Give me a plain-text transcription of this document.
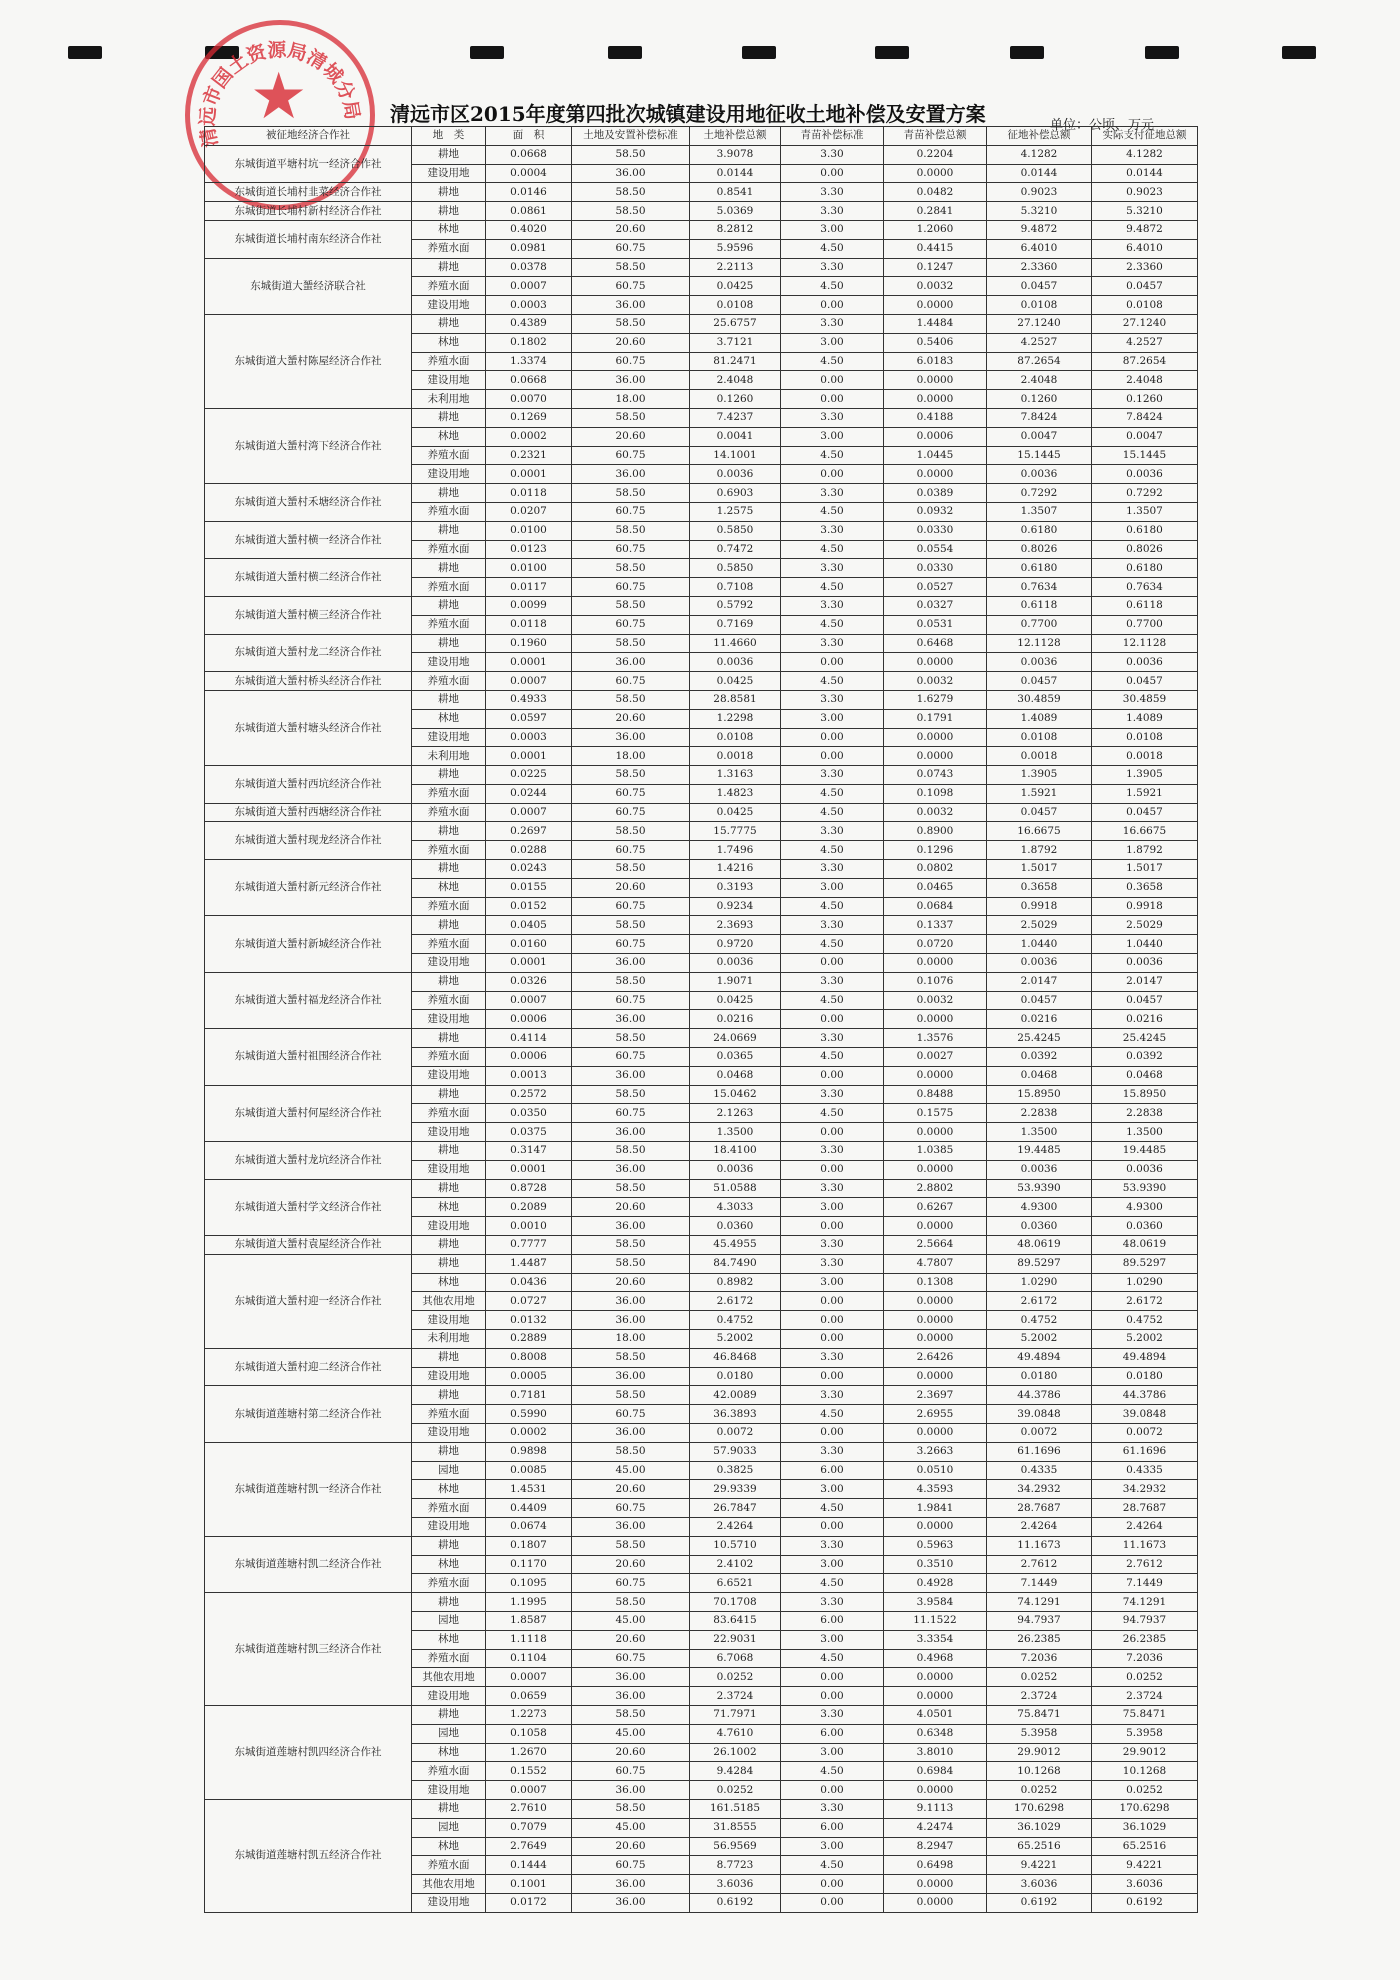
清远市国土资源局清城分局
★	清远市区2015年度第四批次城镇建设用地征收土地补偿及安置方案	单位：公顷、万元
被征地经济合作社	地　类	面　积	土地及安置补偿标准	土地补偿总额	青苗补偿标准	青苗补偿总额	征地补偿总额	实际支付征地总额
东城街道平塘村坑一经济合作社	耕地	0.0668	58.50	3.9078	3.30	0.2204	4.1282	4.1282
	建设用地	0.0004	36.00	0.0144	0.00	0.0000	0.0144	0.0144
东城街道长埔村韭菜经济合作社	耕地	0.0146	58.50	0.8541	3.30	0.0482	0.9023	0.9023
东城街道长埔村新村经济合作社	耕地	0.0861	58.50	5.0369	3.30	0.2841	5.3210	5.3210
东城街道长埔村南东经济合作社	林地	0.4020	20.60	8.2812	3.00	1.2060	9.4872	9.4872
	养殖水面	0.0981	60.75	5.9596	4.50	0.4415	6.4010	6.4010
东城街道大蜑经济联合社	耕地	0.0378	58.50	2.2113	3.30	0.1247	2.3360	2.3360
	养殖水面	0.0007	60.75	0.0425	4.50	0.0032	0.0457	0.0457
	建设用地	0.0003	36.00	0.0108	0.00	0.0000	0.0108	0.0108
东城街道大蜑村陈屋经济合作社	耕地	0.4389	58.50	25.6757	3.30	1.4484	27.1240	27.1240
	林地	0.1802	20.60	3.7121	3.00	0.5406	4.2527	4.2527
	养殖水面	1.3374	60.75	81.2471	4.50	6.0183	87.2654	87.2654
	建设用地	0.0668	36.00	2.4048	0.00	0.0000	2.4048	2.4048
	未利用地	0.0070	18.00	0.1260	0.00	0.0000	0.1260	0.1260
东城街道大蜑村湾下经济合作社	耕地	0.1269	58.50	7.4237	3.30	0.4188	7.8424	7.8424
	林地	0.0002	20.60	0.0041	3.00	0.0006	0.0047	0.0047
	养殖水面	0.2321	60.75	14.1001	4.50	1.0445	15.1445	15.1445
	建设用地	0.0001	36.00	0.0036	0.00	0.0000	0.0036	0.0036
东城街道大蜑村禾塘经济合作社	耕地	0.0118	58.50	0.6903	3.30	0.0389	0.7292	0.7292
	养殖水面	0.0207	60.75	1.2575	4.50	0.0932	1.3507	1.3507
东城街道大蜑村横一经济合作社	耕地	0.0100	58.50	0.5850	3.30	0.0330	0.6180	0.6180
	养殖水面	0.0123	60.75	0.7472	4.50	0.0554	0.8026	0.8026
东城街道大蜑村横二经济合作社	耕地	0.0100	58.50	0.5850	3.30	0.0330	0.6180	0.6180
	养殖水面	0.0117	60.75	0.7108	4.50	0.0527	0.7634	0.7634
东城街道大蜑村横三经济合作社	耕地	0.0099	58.50	0.5792	3.30	0.0327	0.6118	0.6118
	养殖水面	0.0118	60.75	0.7169	4.50	0.0531	0.7700	0.7700
东城街道大蜑村龙二经济合作社	耕地	0.1960	58.50	11.4660	3.30	0.6468	12.1128	12.1128
	建设用地	0.0001	36.00	0.0036	0.00	0.0000	0.0036	0.0036
东城街道大蜑村桥头经济合作社	养殖水面	0.0007	60.75	0.0425	4.50	0.0032	0.0457	0.0457
东城街道大蜑村塘头经济合作社	耕地	0.4933	58.50	28.8581	3.30	1.6279	30.4859	30.4859
	林地	0.0597	20.60	1.2298	3.00	0.1791	1.4089	1.4089
	建设用地	0.0003	36.00	0.0108	0.00	0.0000	0.0108	0.0108
	未利用地	0.0001	18.00	0.0018	0.00	0.0000	0.0018	0.0018
东城街道大蜑村西坑经济合作社	耕地	0.0225	58.50	1.3163	3.30	0.0743	1.3905	1.3905
	养殖水面	0.0244	60.75	1.4823	4.50	0.1098	1.5921	1.5921
东城街道大蜑村西塘经济合作社	养殖水面	0.0007	60.75	0.0425	4.50	0.0032	0.0457	0.0457
东城街道大蜑村现龙经济合作社	耕地	0.2697	58.50	15.7775	3.30	0.8900	16.6675	16.6675
	养殖水面	0.0288	60.75	1.7496	4.50	0.1296	1.8792	1.8792
东城街道大蜑村新元经济合作社	耕地	0.0243	58.50	1.4216	3.30	0.0802	1.5017	1.5017
	林地	0.0155	20.60	0.3193	3.00	0.0465	0.3658	0.3658
	养殖水面	0.0152	60.75	0.9234	4.50	0.0684	0.9918	0.9918
东城街道大蜑村新城经济合作社	耕地	0.0405	58.50	2.3693	3.30	0.1337	2.5029	2.5029
	养殖水面	0.0160	60.75	0.9720	4.50	0.0720	1.0440	1.0440
	建设用地	0.0001	36.00	0.0036	0.00	0.0000	0.0036	0.0036
东城街道大蜑村福龙经济合作社	耕地	0.0326	58.50	1.9071	3.30	0.1076	2.0147	2.0147
	养殖水面	0.0007	60.75	0.0425	4.50	0.0032	0.0457	0.0457
	建设用地	0.0006	36.00	0.0216	0.00	0.0000	0.0216	0.0216
东城街道大蜑村祖围经济合作社	耕地	0.4114	58.50	24.0669	3.30	1.3576	25.4245	25.4245
	养殖水面	0.0006	60.75	0.0365	4.50	0.0027	0.0392	0.0392
	建设用地	0.0013	36.00	0.0468	0.00	0.0000	0.0468	0.0468
东城街道大蜑村何屋经济合作社	耕地	0.2572	58.50	15.0462	3.30	0.8488	15.8950	15.8950
	养殖水面	0.0350	60.75	2.1263	4.50	0.1575	2.2838	2.2838
	建设用地	0.0375	36.00	1.3500	0.00	0.0000	1.3500	1.3500
东城街道大蜑村龙坑经济合作社	耕地	0.3147	58.50	18.4100	3.30	1.0385	19.4485	19.4485
	建设用地	0.0001	36.00	0.0036	0.00	0.0000	0.0036	0.0036
东城街道大蜑村学文经济合作社	耕地	0.8728	58.50	51.0588	3.30	2.8802	53.9390	53.9390
	林地	0.2089	20.60	4.3033	3.00	0.6267	4.9300	4.9300
	建设用地	0.0010	36.00	0.0360	0.00	0.0000	0.0360	0.0360
东城街道大蜑村袁屋经济合作社	耕地	0.7777	58.50	45.4955	3.30	2.5664	48.0619	48.0619
东城街道大蜑村迎一经济合作社	耕地	1.4487	58.50	84.7490	3.30	4.7807	89.5297	89.5297
	林地	0.0436	20.60	0.8982	3.00	0.1308	1.0290	1.0290
	其他农用地	0.0727	36.00	2.6172	0.00	0.0000	2.6172	2.6172
	建设用地	0.0132	36.00	0.4752	0.00	0.0000	0.4752	0.4752
	未利用地	0.2889	18.00	5.2002	0.00	0.0000	5.2002	5.2002
东城街道大蜑村迎二经济合作社	耕地	0.8008	58.50	46.8468	3.30	2.6426	49.4894	49.4894
	建设用地	0.0005	36.00	0.0180	0.00	0.0000	0.0180	0.0180
东城街道莲塘村第二经济合作社	耕地	0.7181	58.50	42.0089	3.30	2.3697	44.3786	44.3786
	养殖水面	0.5990	60.75	36.3893	4.50	2.6955	39.0848	39.0848
	建设用地	0.0002	36.00	0.0072	0.00	0.0000	0.0072	0.0072
东城街道莲塘村凯一经济合作社	耕地	0.9898	58.50	57.9033	3.30	3.2663	61.1696	61.1696
	园地	0.0085	45.00	0.3825	6.00	0.0510	0.4335	0.4335
	林地	1.4531	20.60	29.9339	3.00	4.3593	34.2932	34.2932
	养殖水面	0.4409	60.75	26.7847	4.50	1.9841	28.7687	28.7687
	建设用地	0.0674	36.00	2.4264	0.00	0.0000	2.4264	2.4264
东城街道莲塘村凯二经济合作社	耕地	0.1807	58.50	10.5710	3.30	0.5963	11.1673	11.1673
	林地	0.1170	20.60	2.4102	3.00	0.3510	2.7612	2.7612
	养殖水面	0.1095	60.75	6.6521	4.50	0.4928	7.1449	7.1449
东城街道莲塘村凯三经济合作社	耕地	1.1995	58.50	70.1708	3.30	3.9584	74.1291	74.1291
	园地	1.8587	45.00	83.6415	6.00	11.1522	94.7937	94.7937
	林地	1.1118	20.60	22.9031	3.00	3.3354	26.2385	26.2385
	养殖水面	0.1104	60.75	6.7068	4.50	0.4968	7.2036	7.2036
	其他农用地	0.0007	36.00	0.0252	0.00	0.0000	0.0252	0.0252
	建设用地	0.0659	36.00	2.3724	0.00	0.0000	2.3724	2.3724
东城街道莲塘村凯四经济合作社	耕地	1.2273	58.50	71.7971	3.30	4.0501	75.8471	75.8471
	园地	0.1058	45.00	4.7610	6.00	0.6348	5.3958	5.3958
	林地	1.2670	20.60	26.1002	3.00	3.8010	29.9012	29.9012
	养殖水面	0.1552	60.75	9.4284	4.50	0.6984	10.1268	10.1268
	建设用地	0.0007	36.00	0.0252	0.00	0.0000	0.0252	0.0252
东城街道莲塘村凯五经济合作社	耕地	2.7610	58.50	161.5185	3.30	9.1113	170.6298	170.6298
	园地	0.7079	45.00	31.8555	6.00	4.2474	36.1029	36.1029
	林地	2.7649	20.60	56.9569	3.00	8.2947	65.2516	65.2516
	养殖水面	0.1444	60.75	8.7723	4.50	0.6498	9.4221	9.4221
	其他农用地	0.1001	36.00	3.6036	0.00	0.0000	3.6036	3.6036
	建设用地	0.0172	36.00	0.6192	0.00	0.0000	0.6192	0.6192
